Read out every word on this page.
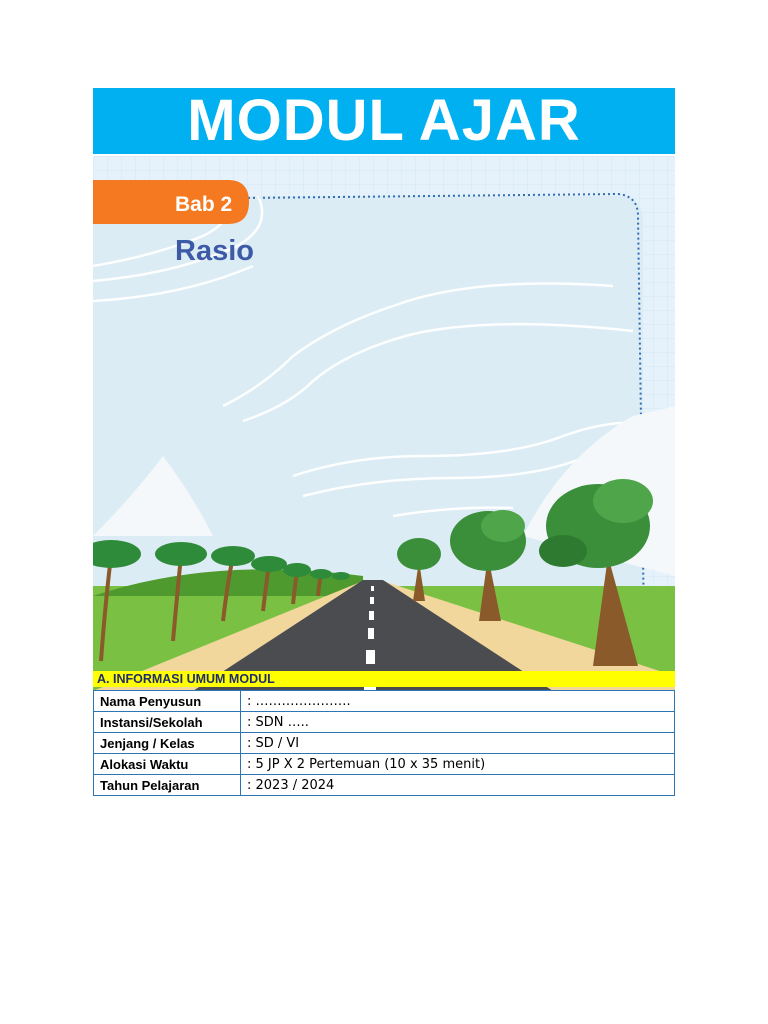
MODUL AJAR
Bab 2
Rasio
A. INFORMASI UMUM MODUL
Nama Penyusun	: ………………….
Instansi/Sekolah	: SDN …..
Jenjang / Kelas	: SD / VI
Alokasi Waktu	: 5 JP X 2 Pertemuan (10 x 35 menit)
Tahun Pelajaran	: 2023 / 2024
